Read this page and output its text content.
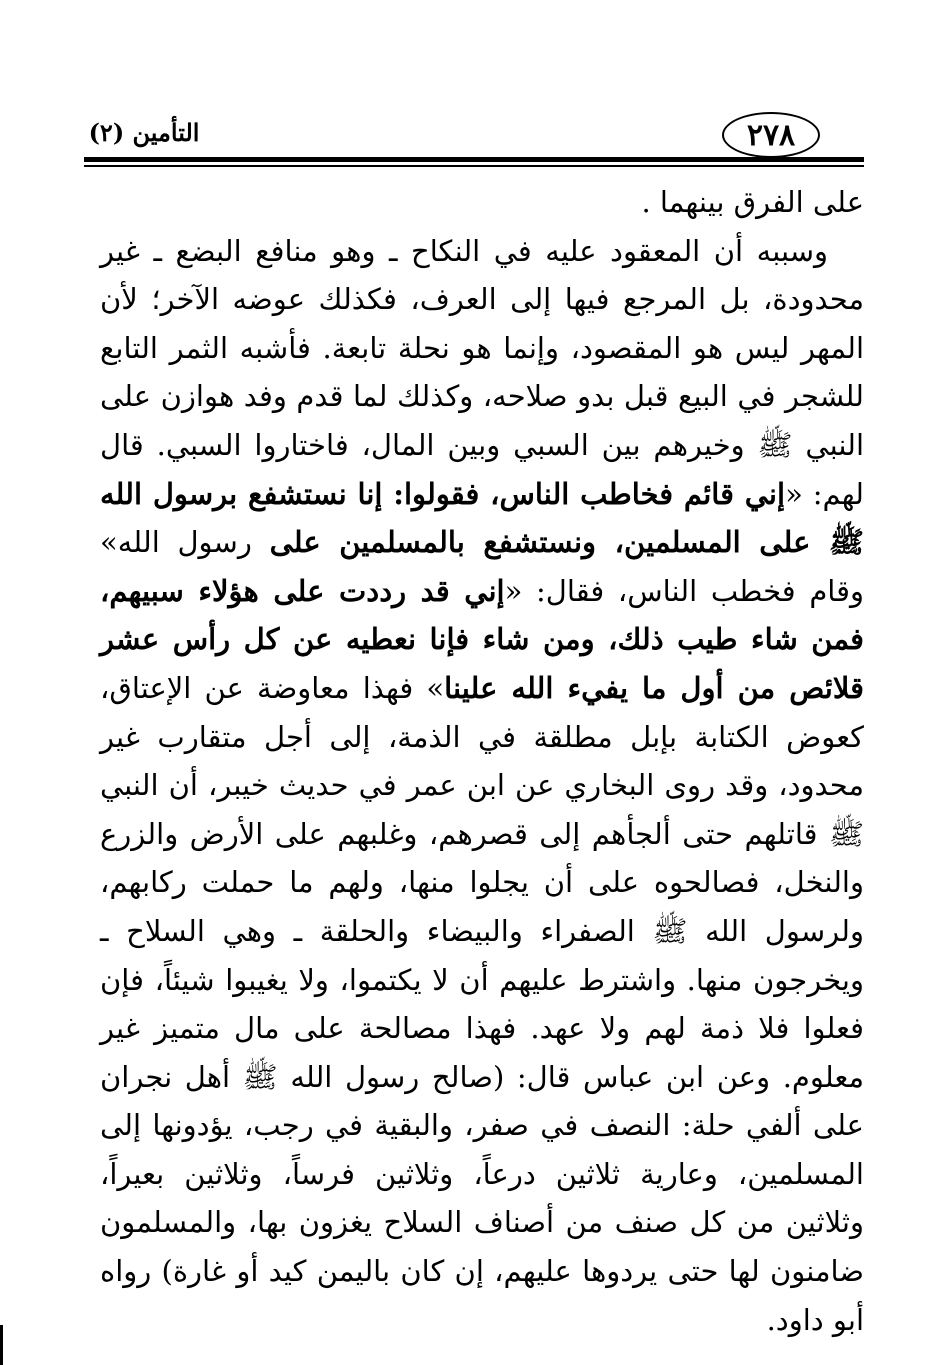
٢٧٨
التأمين (٢)

على الفرق بينهما .

وسببه أن المعقود عليه في النكاح ـ وهو منافع البضع ـ غير محدودة، بل المرجع فيها إلى العرف، فكذلك عوضه الآخر؛ لأن المهر ليس هو المقصود، وإنما هو نحلة تابعة. فأشبه الثمر التابع للشجر في البيع قبل بدو صلاحه، وكذلك لما قدم وفد هوازن على النبي ﷺ وخيرهم بين السبي وبين المال، فاختاروا السبي. قال لهم: «إني قائم فخاطب الناس، فقولوا: إنا نستشفع برسول الله ﷺ على المسلمين، ونستشفع بالمسلمين على رسول الله» وقام فخطب الناس، فقال: «إني قد رددت على هؤلاء سبيهم، فمن شاء طيب ذلك، ومن شاء فإنا نعطيه عن كل رأس عشر قلائص من أول ما يفيء الله علينا» فهذا معاوضة عن الإعتاق، كعوض الكتابة بإبل مطلقة في الذمة، إلى أجل متقارب غير محدود، وقد روى البخاري عن ابن عمر في حديث خيبر، أن النبي ﷺ قاتلهم حتى ألجأهم إلى قصرهم، وغلبهم على الأرض والزرع والنخل، فصالحوه على أن يجلوا منها، ولهم ما حملت ركابهم، ولرسول الله ﷺ الصفراء والبيضاء والحلقة ـ وهي السلاح ـ ويخرجون منها. واشترط عليهم أن لا يكتموا، ولا يغيبوا شيئاً، فإن فعلوا فلا ذمة لهم ولا عهد. فهذا مصالحة على مال متميز غير معلوم. وعن ابن عباس قال: (صالح رسول الله ﷺ أهل نجران على ألفي حلة: النصف في صفر، والبقية في رجب، يؤدونها إلى المسلمين، وعارية ثلاثين درعاً، وثلاثين فرساً، وثلاثين بعيراً، وثلاثين من كل صنف من أصناف السلاح يغزون بها، والمسلمون ضامنون لها حتى يردوها عليهم، إن كان باليمن كيد أو غارة) رواه أبو داود.
